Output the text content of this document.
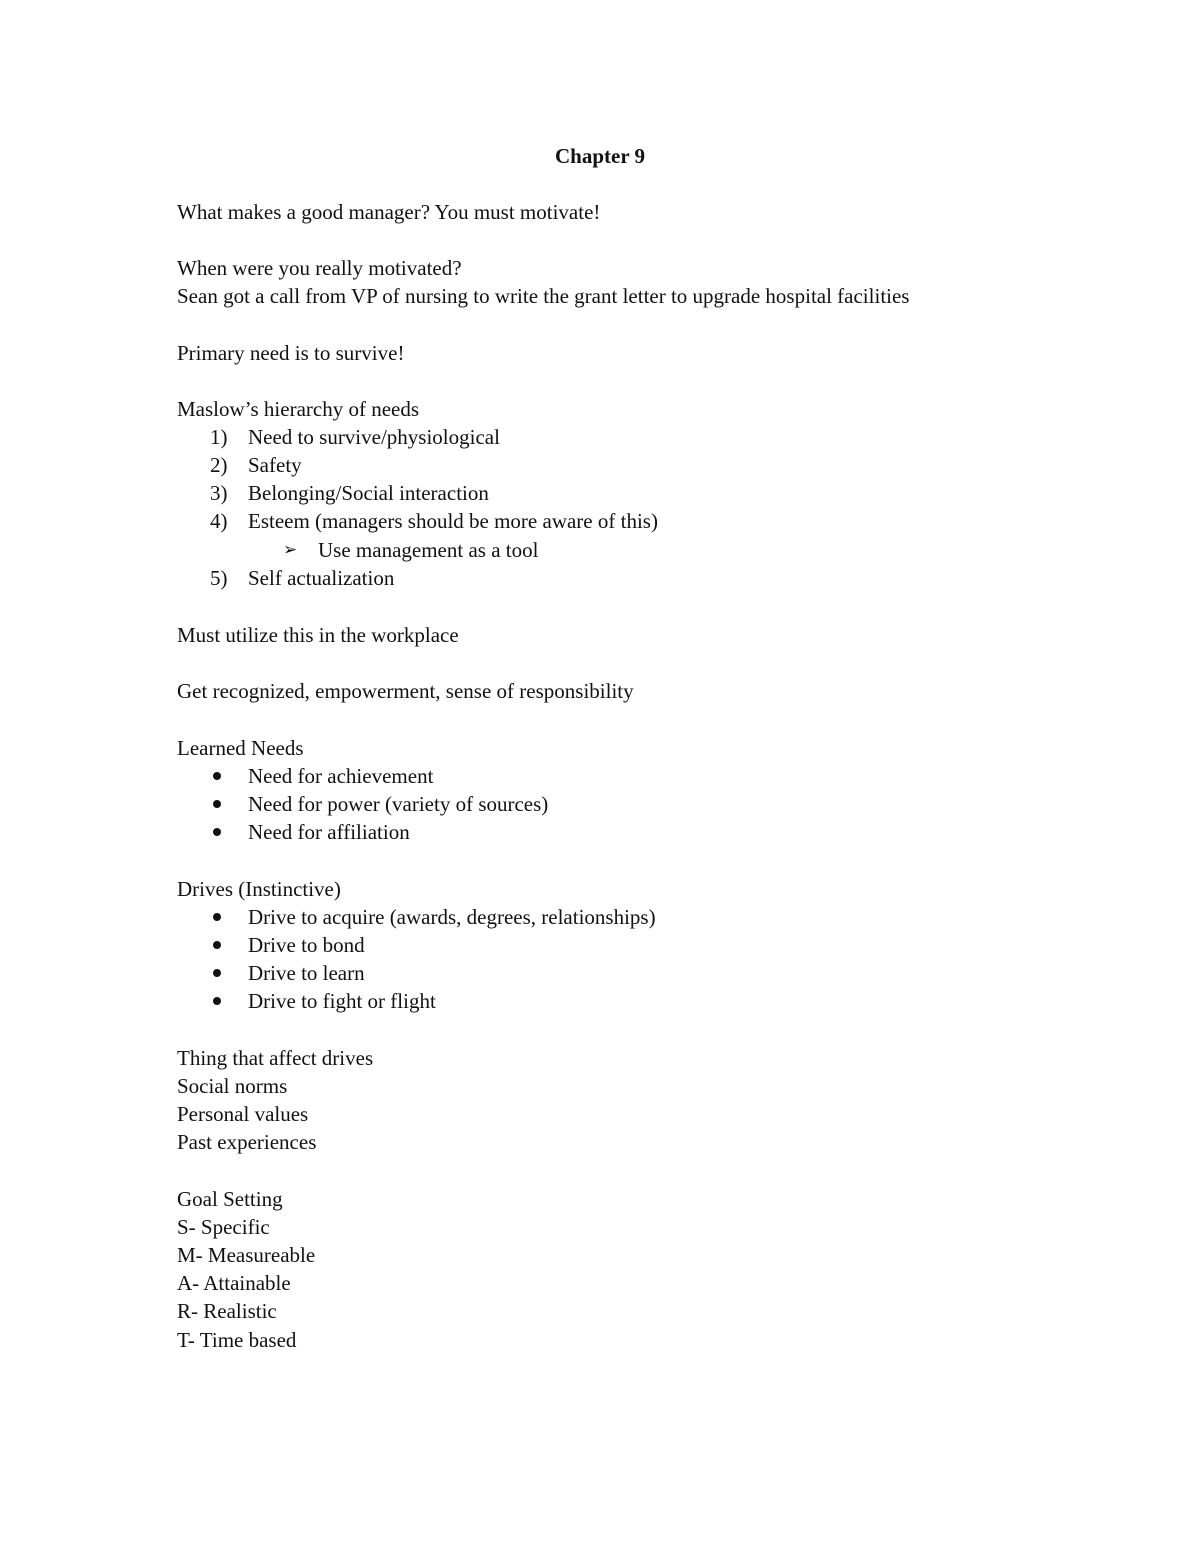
Chapter 9
What makes a good manager? You must motivate!
When were you really motivated?
Sean got a call from VP of nursing to write the grant letter to upgrade hospital facilities
Primary need is to survive!
Maslow’s hierarchy of needs
1) Need to survive/physiological
2) Safety
3) Belonging/Social interaction
4) Esteem (managers should be more aware of this)
➢ Use management as a tool
5) Self actualization
Must utilize this in the workplace
Get recognized, empowerment, sense of responsibility
Learned Needs
Need for achievement
Need for power (variety of sources)
Need for affiliation
Drives (Instinctive)
Drive to acquire (awards, degrees, relationships)
Drive to bond
Drive to learn
Drive to fight or flight
Thing that affect drives
Social norms
Personal values
Past experiences
Goal Setting
S- Specific
M- Measureable
A- Attainable
R- Realistic
T- Time based
